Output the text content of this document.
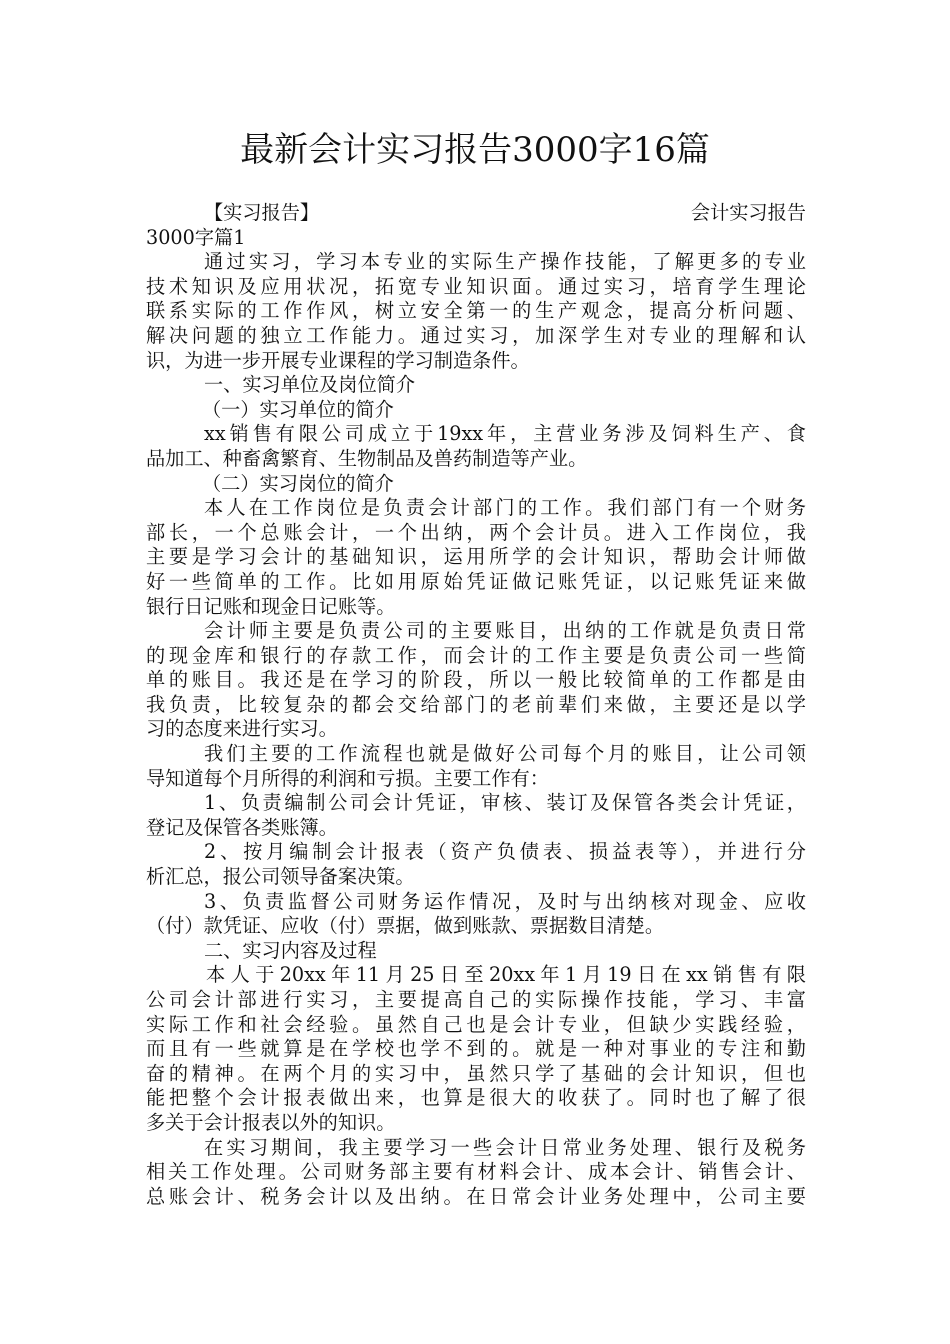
最新会计实习报告3000字16篇
【实习报告】	会计实习报告
3000字篇1
通过实习，学习本专业的实际生产操作技能，了解更多的专业
技术知识及应用状况，拓宽专业知识面。通过实习，培育学生理论
联系实际的工作作风，树立安全第一的生产观念，提高分析问题、
解决问题的独立工作能力。通过实习，加深学生对专业的理解和认
识，为进一步开展专业课程的学习制造条件。
一、实习单位及岗位简介
（一）实习单位的简介
xx销售有限公司成立于19xx年，主营业务涉及饲料生产、食
品加工、种畜禽繁育、生物制品及兽药制造等产业。
（二）实习岗位的简介
本人在工作岗位是负责会计部门的工作。我们部门有一个财务
部长，一个总账会计，一个出纳，两个会计员。进入工作岗位，我
主要是学习会计的基础知识，运用所学的会计知识，帮助会计师做
好一些简单的工作。比如用原始凭证做记账凭证，以记账凭证来做
银行日记账和现金日记账等。
会计师主要是负责公司的主要账目，出纳的工作就是负责日常
的现金库和银行的存款工作，而会计的工作主要是负责公司一些简
单的账目。我还是在学习的阶段，所以一般比较简单的工作都是由
我负责，比较复杂的都会交给部门的老前辈们来做，主要还是以学
习的态度来进行实习。
我们主要的工作流程也就是做好公司每个月的账目，让公司领
导知道每个月所得的利润和亏损。主要工作有：
1、负责编制公司会计凭证，审核、装订及保管各类会计凭证，
登记及保管各类账簿。
2、按月编制会计报表（资产负债表、损益表等），并进行分
析汇总，报公司领导备案决策。
3、负责监督公司财务运作情况，及时与出纳核对现金、应收
（付）款凭证、应收（付）票据，做到账款、票据数目清楚。
二、实习内容及过程
本人于20xx年11月25日至20xx年1月19日在xx销售有限
公司会计部进行实习，主要提高自己的实际操作技能，学习、丰富
实际工作和社会经验。虽然自己也是会计专业，但缺少实践经验，
而且有一些就算是在学校也学不到的。就是一种对事业的专注和勤
奋的精神。在两个月的实习中，虽然只学了基础的会计知识，但也
能把整个会计报表做出来，也算是很大的收获了。同时也了解了很
多关于会计报表以外的知识。
在实习期间，我主要学习一些会计日常业务处理、银行及税务
相关工作处理。公司财务部主要有材料会计、成本会计、销售会计、
总账会计、税务会计以及出纳。在日常会计业务处理中，公司主要
